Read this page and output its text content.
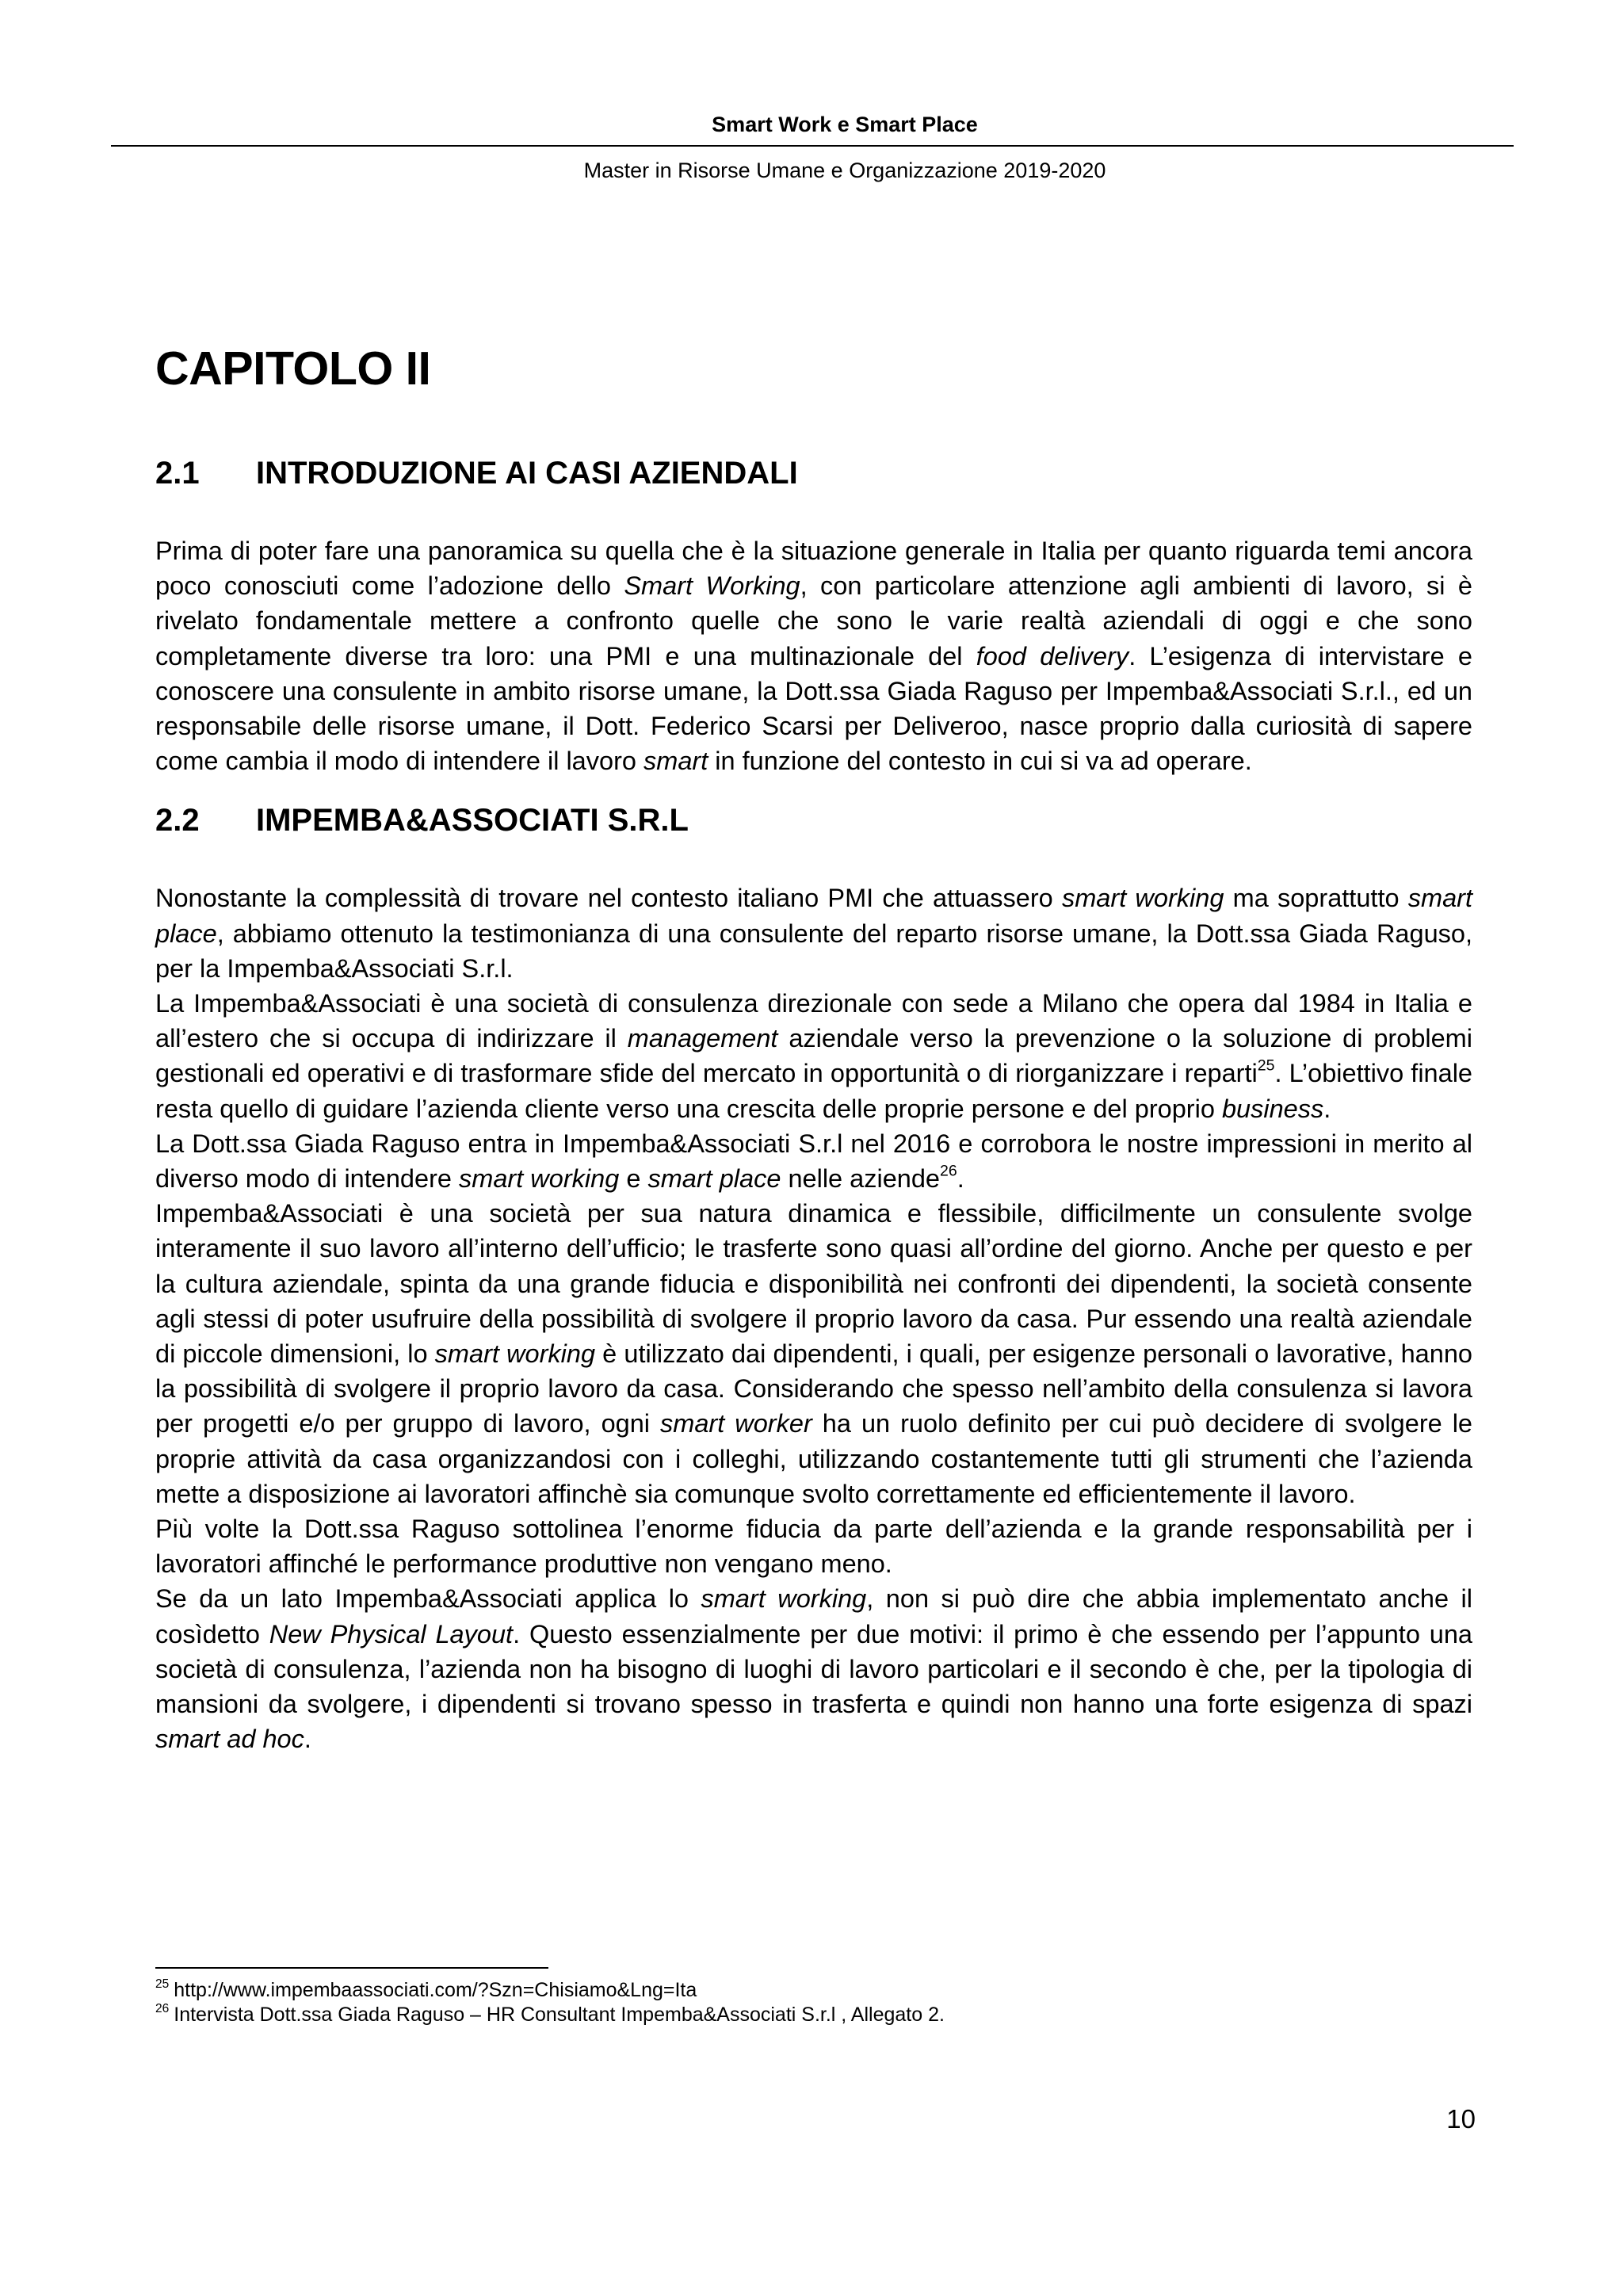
Smart Work e Smart Place
Master in Risorse Umane e Organizzazione 2019-2020
CAPITOLO II
2.1	INTRODUZIONE AI CASI AZIENDALI

Prima di poter fare una panoramica su quella che è la situazione generale in Italia per quanto riguarda temi ancora poco conosciuti come l’adozione dello Smart Working, con particolare attenzione agli ambienti di lavoro, si è rivelato fondamentale mettere a confronto quelle che sono le varie realtà aziendali di oggi e che sono completamente diverse tra loro: una PMI e una multinazionale del food delivery. L’esigenza di intervistare e conoscere una consulente in ambito risorse umane, la Dott.ssa Giada Raguso per Impemba&Associati S.r.l., ed un responsabile delle risorse umane, il Dott. Federico Scarsi per Deliveroo, nasce proprio dalla curiosità di sapere come cambia il modo di intendere il lavoro smart in funzione del contesto in cui si va ad operare.

2.2	IMPEMBA&ASSOCIATI S.R.L

Nonostante la complessità di trovare nel contesto italiano PMI che attuassero smart working ma soprattutto smart place, abbiamo ottenuto la testimonianza di una consulente del reparto risorse umane, la Dott.ssa Giada Raguso, per la Impemba&Associati S.r.l.

La Impemba&Associati è una società di consulenza direzionale con sede a Milano che opera dal 1984 in Italia e all’estero che si occupa di indirizzare il management aziendale verso la prevenzione o la soluzione di problemi gestionali ed operativi e di trasformare sfide del mercato in opportunità o di riorganizzare i reparti$^{25}$. L’obiettivo finale resta quello di guidare l’azienda cliente verso una crescita delle proprie persone e del proprio business.

La Dott.ssa Giada Raguso entra in Impemba&Associati S.r.l nel 2016 e corrobora le nostre impressioni in merito al diverso modo di intendere smart working e smart place nelle aziende$^{26}$.

Impemba&Associati è una società per sua natura dinamica e flessibile, difficilmente un consulente svolge interamente il suo lavoro all’interno dell’ufficio; le trasferte sono quasi all’ordine del giorno. Anche per questo e per la cultura aziendale, spinta da una grande fiducia e disponibilità nei confronti dei dipendenti, la società consente agli stessi di poter usufruire della possibilità di svolgere il proprio lavoro da casa. Pur essendo una realtà aziendale di piccole dimensioni, lo smart working è utilizzato dai dipendenti, i quali, per esigenze personali o lavorative, hanno la possibilità di svolgere il proprio lavoro da casa. Considerando che spesso nell’ambito della consulenza si lavora per progetti e/o per gruppo di lavoro, ogni smart worker ha un ruolo definito per cui può decidere di svolgere le proprie attività da casa organizzandosi con i colleghi, utilizzando costantemente tutti gli strumenti che l’azienda mette a disposizione ai lavoratori affinchè sia comunque svolto correttamente ed efficientemente il lavoro.

Più volte la Dott.ssa Raguso sottolinea l’enorme fiducia da parte dell’azienda e la grande responsabilità per i lavoratori affinché le performance produttive non vengano meno.

Se da un lato Impemba&Associati applica lo smart working, non si può dire che abbia implementato anche il cosìdetto New Physical Layout. Questo essenzialmente per due motivi: il primo è che essendo per l’appunto una società di consulenza, l’azienda non ha bisogno di luoghi di lavoro particolari e il secondo è che, per la tipologia di mansioni da svolgere, i dipendenti si trovano spesso in trasferta e quindi non hanno una forte esigenza di spazi smart ad hoc.

$^{25}$ http://www.impembaassociati.com/?Szn=Chisiamo&Lng=Ita

$^{26}$ Intervista Dott.ssa Giada Raguso – HR Consultant Impemba&Associati S.r.l , Allegato 2.

10
